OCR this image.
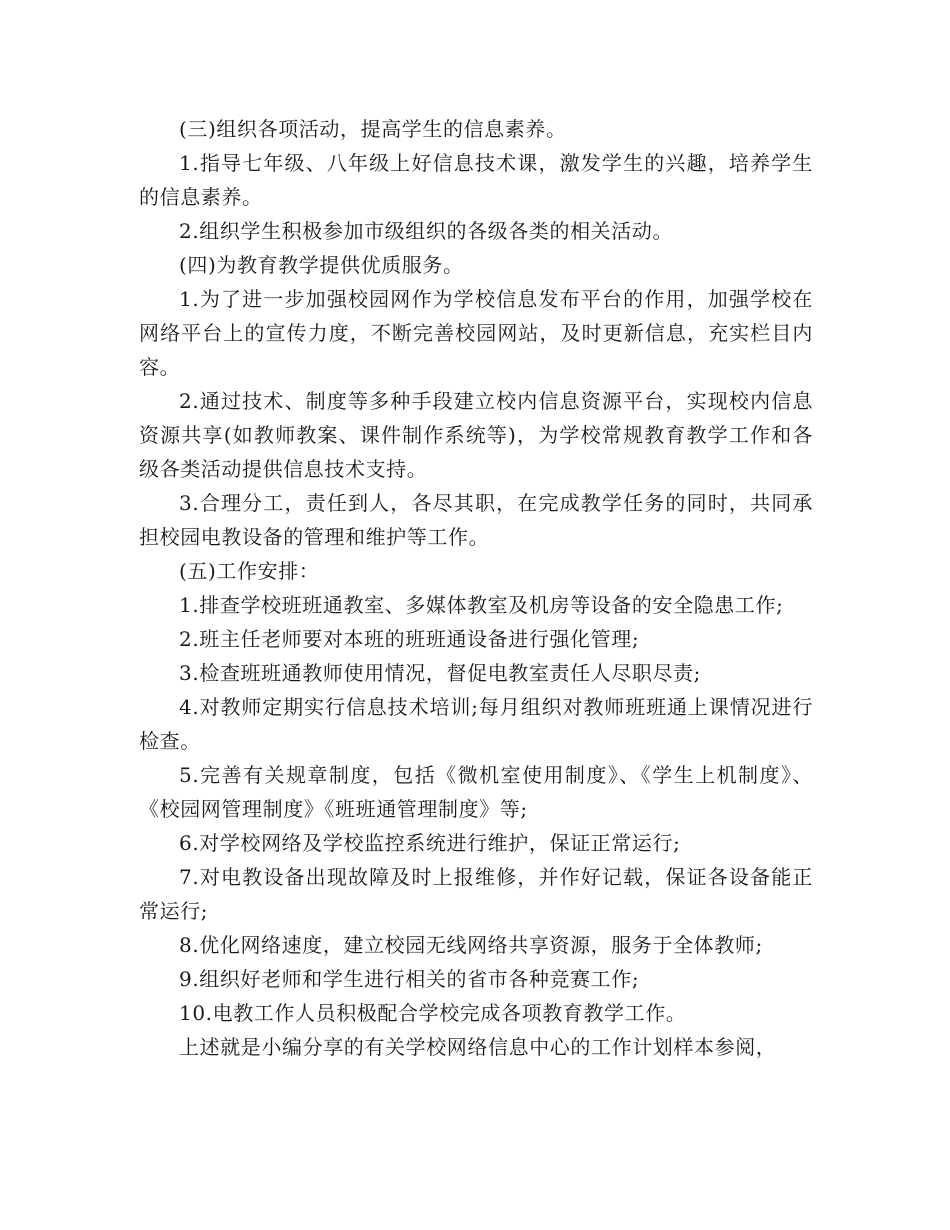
(三)组织各项活动，提高学生的信息素养。

1.指导七年级、八年级上好信息技术课，激发学生的兴趣，培养学生的信息素养。

2.组织学生积极参加市级组织的各级各类的相关活动。

(四)为教育教学提供优质服务。

1.为了进一步加强校园网作为学校信息发布平台的作用，加强学校在网络平台上的宣传力度，不断完善校园网站，及时更新信息，充实栏目内容。

2.通过技术、制度等多种手段建立校内信息资源平台，实现校内信息资源共享(如教师教案、课件制作系统等)，为学校常规教育教学工作和各级各类活动提供信息技术支持。

3.合理分工，责任到人，各尽其职，在完成教学任务的同时，共同承担校园电教设备的管理和维护等工作。

(五)工作安排：

1.排查学校班班通教室、多媒体教室及机房等设备的安全隐患工作;

2.班主任老师要对本班的班班通设备进行强化管理;

3.检查班班通教师使用情况，督促电教室责任人尽职尽责;

4.对教师定期实行信息技术培训;每月组织对教师班班通上课情况进行检查。

5.完善有关规章制度，包括《微机室使用制度》、《学生上机制度》、《校园网管理制度》《班班通管理制度》等;

6.对学校网络及学校监控系统进行维护，保证正常运行;

7.对电教设备出现故障及时上报维修，并作好记载，保证各设备能正常运行;

8.优化网络速度，建立校园无线网络共享资源，服务于全体教师;

9.组织好老师和学生进行相关的省市各种竞赛工作;

10.电教工作人员积极配合学校完成各项教育教学工作。

上述就是小编分享的有关学校网络信息中心的工作计划样本参阅，
